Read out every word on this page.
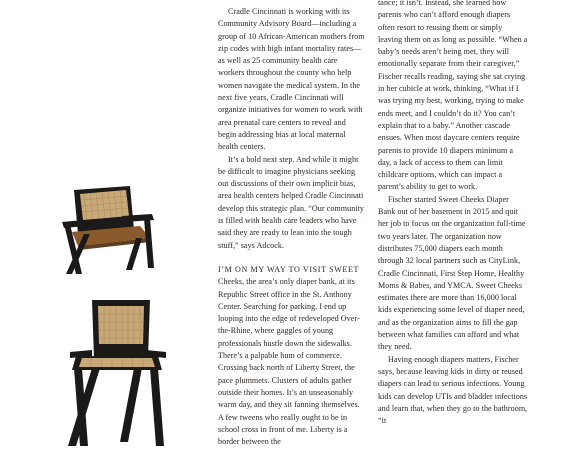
Cradle Cincinnati is working with its Community Advisory Board—including a group of 10 African-American mothers from zip codes with high infant mortality rates—as well as 25 community health care workers throughout the county who help women navigate the medical system. In the next five years, Cradle Cincinnati will organize initiatives for women to work with area prenatal care centers to reveal and begin addressing bias at local maternal health centers.

It’s a bold next step. And while it might be difficult to imagine physicians seeking out discussions of their own implicit bias, area health centers helped Cradle Cincinnati develop this strategic plan. “Our community is filled with health care leaders who have said they are ready to lean into the tough stuff,” says Adcock.

I’M ON MY WAY TO VISIT SWEET Cheeks, the area’s only diaper bank, at its Republic Street office in the St. Anthony Center. Searching for parking, I end up looping into the edge of redeveloped Over-the-Rhine, where gaggles of young professionals hustle down the sidewalks. There’s a palpable hum of commerce. Crossing back north of Liberty Street, the pace plummets. Clusters of adults gather outside their homes. It’s an unseasonably warm day, and they sit fanning themselves. A few tweens who really ought to be in school cross in front of me. Liberty is a border between the

tance; it isn’t. Instead, she learned how parents who can’t afford enough diapers often resort to reusing them or simply leaving them on as long as possible. “When a baby’s needs aren’t being met, they will emotionally separate from their caregiver,” Fischer recalls reading, saying she sat crying in her cubicle at work, thinking, “What if I was trying my best, working, trying to make ends meet, and I couldn’t do it? You can’t explain that to a baby.” Another cascade ensues. When most daycare centers require parents to provide 10 diapers minimum a day, a lack of access to them can limit childcare options, which can impact a parent’s ability to get to work.

Fischer started Sweet Cheeks Diaper Bank out of her basement in 2015 and quit her job to focus on the organization full-time two years later. The organization now distributes 75,000 diapers each month through 32 local partners such as CityLink, Cradle Cincinnati, First Step Home, Healthy Moms & Babes, and YMCA. Sweet Cheeks estimates there are more than 16,000 local kids experiencing some level of diaper need, and as the organization aims to fill the gap between what families can afford and what they need.

Having enough diapers matters, Fischer says, because leaving kids in dirty or reused diapers can lead to serious infections. Young kids can develop UTIs and bladder infections and learn that, when they go to the bathroom, “it
